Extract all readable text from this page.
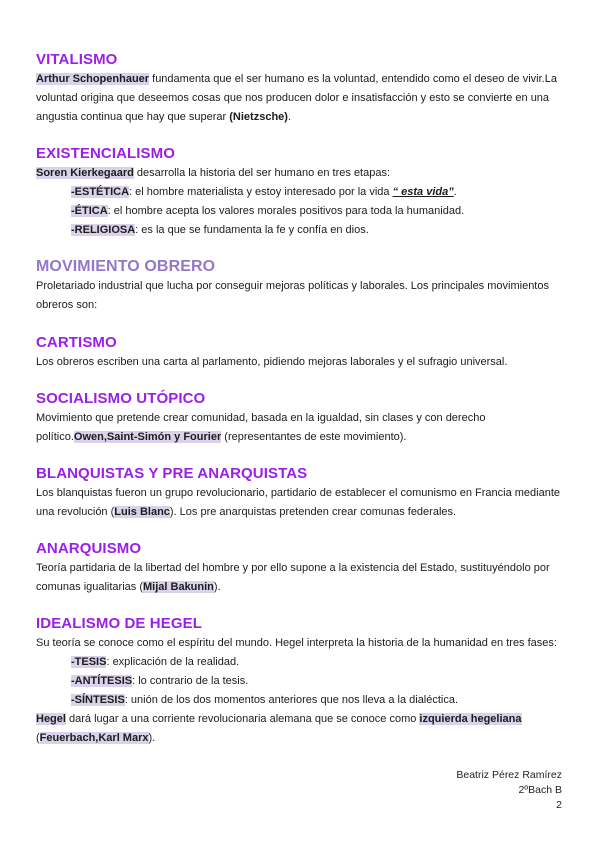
VITALISMO

Arthur Schopenhauer fundamenta que el ser humano es la voluntad, entendido como el deseo de vivir.La voluntad origina que deseemos cosas que nos producen dolor e insatisfacción y esto se convierte en una angustia continua que hay que superar (Nietzsche).

EXISTENCIALISMO

Soren Kierkegaard desarrolla la historia del ser humano en tres etapas:

-ESTÉTICA: el hombre materialista y estoy interesado por la vida “ esta vida”.

-ÉTICA: el hombre acepta los valores morales positivos para toda la humanidad.

-RELIGIOSA: es la que se fundamenta la fe y confía en dios.

MOVIMIENTO OBRERO

Proletariado industrial que lucha por conseguir mejoras políticas y laborales. Los principales movimientos obreros son:

CARTISMO

Los obreros escriben una carta al parlamento, pidiendo mejoras laborales y el sufragio universal.

SOCIALISMO UTÓPICO

Movimiento que pretende crear comunidad, basada en la igualdad, sin clases y con derecho político.Owen,Saint-Simón y Fourier (representantes de este movimiento).

BLANQUISTAS Y PRE ANARQUISTAS

Los blanquistas fueron un grupo revolucionario, partidario de establecer el comunismo en Francia mediante una revolución (Luis Blanc). Los pre anarquistas pretenden crear comunas federales.

ANARQUISMO

Teoría partidaria de la libertad del hombre y por ello supone a la existencia del Estado, sustituyéndolo por comunas igualitarias (Mijal Bakunin).

IDEALISMO DE HEGEL

Su teoría se conoce como el espíritu del mundo. Hegel interpreta la historia de la humanidad en tres fases:

-TESIS: explicación de la realidad.

-ANTÍTESIS: lo contrario de la tesis.

-SÍNTESIS: unión de los dos momentos anteriores que nos lleva a la dialéctica.

Hegel dará lugar a una corriente revolucionaria alemana que se conoce como izquierda hegeliana (Feuerbach,Karl Marx).

Beatriz Pérez Ramírez
2ºBach B
2
